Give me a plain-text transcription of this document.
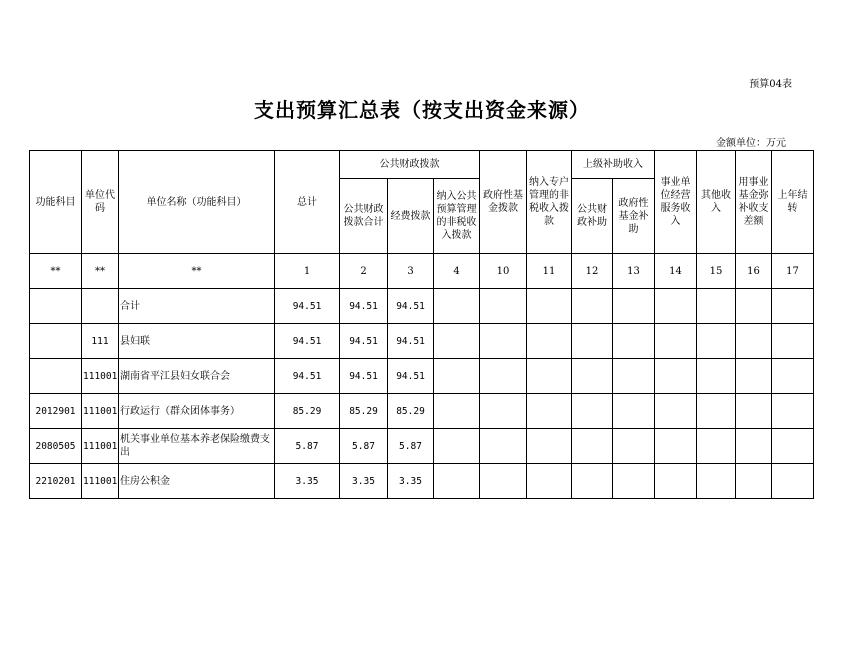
预算04表
支出预算汇总表（按支出资金来源）
金额单位：万元
功能科目	单位代码	单位名称（功能科目）	总计	公共财政拨款			政府性基金拨款	纳入专户管理的非税收入拨款	上级补助收入		事业单位经营服务收入	其他收入	用事业基金弥补收支差额	上年结转
				公共财政拨款合计	经费拨款	纳入公共预算管理的非税收入拨款			公共财政补助	政府性基金补助				
**	**	**	1	2	3	4	10	11	12	13	14	15	16	17
		合计	94.51	94.51	94.51									
	111	县妇联	94.51	94.51	94.51									
	111001	湖南省平江县妇女联合会	94.51	94.51	94.51									
2012901	111001	行政运行（群众团体事务）	85.29	85.29	85.29									
2080505	111001	机关事业单位基本养老保险缴费支出	5.87	5.87	5.87									
2210201	111001	住房公积金	3.35	3.35	3.35									
